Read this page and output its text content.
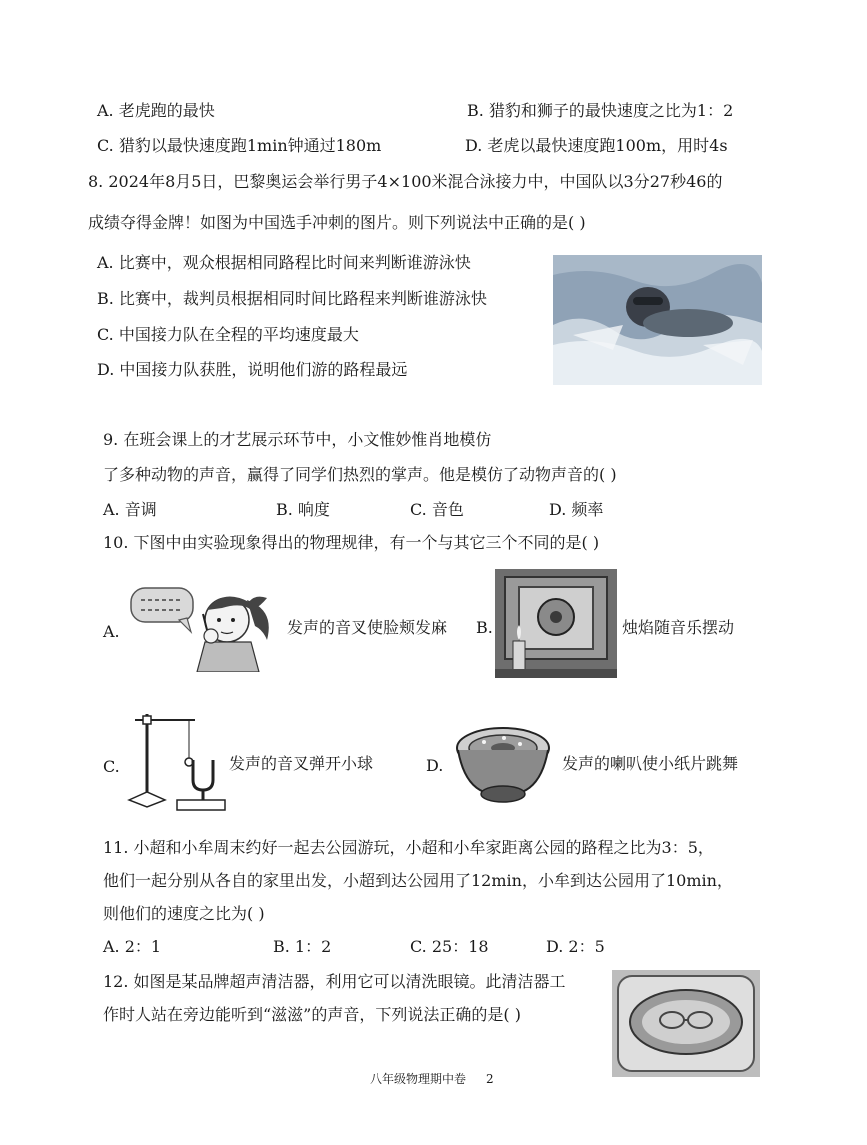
A. 老虎跑的最快	B. 猎豹和狮子的最快速度之比为1：2
C. 猎豹以最快速度跑1min钟通过180m	D. 老虎以最快速度跑100m，用时4s
8. 2024年8月5日，巴黎奥运会举行男子4×100米混合泳接力中，中国队以3分27秒46的
成绩夺得金牌！如图为中国选手冲刺的图片。则下列说法中正确的是( )
A. 比赛中，观众根据相同路程比时间来判断谁游泳快
B. 比赛中，裁判员根据相同时间比路程来判断谁游泳快
C. 中国接力队在全程的平均速度最大
D. 中国接力队获胜，说明他们游的路程最远
9. 在班会课上的才艺展示环节中，小文惟妙惟肖地模仿
了多种动物的声音，赢得了同学们热烈的掌声。他是模仿了动物声音的( )
A. 音调	B. 响度	C. 音色	D. 频率
10. 下图中由实验现象得出的物理规律，有一个与其它三个不同的是( )
A.	发声的音叉使脸颊发麻 B.	烛焰随音乐摆动
C.	发声的音叉弹开小球	D.	发声的喇叭使小纸片跳舞
11. 小超和小牟周末约好一起去公园游玩，小超和小牟家距离公园的路程之比为3：5，
他们一起分别从各自的家里出发，小超到达公园用了12min，小牟到达公园用了10min，
则他们的速度之比为( )
A. 2：1	B. 1：2	C. 25：18	D. 2：5
12. 如图是某品牌超声清洁器，利用它可以清洗眼镜。此清洁器工
作时人站在旁边能听到“滋滋”的声音，下列说法正确的是( )
八年级物理期中卷 2
